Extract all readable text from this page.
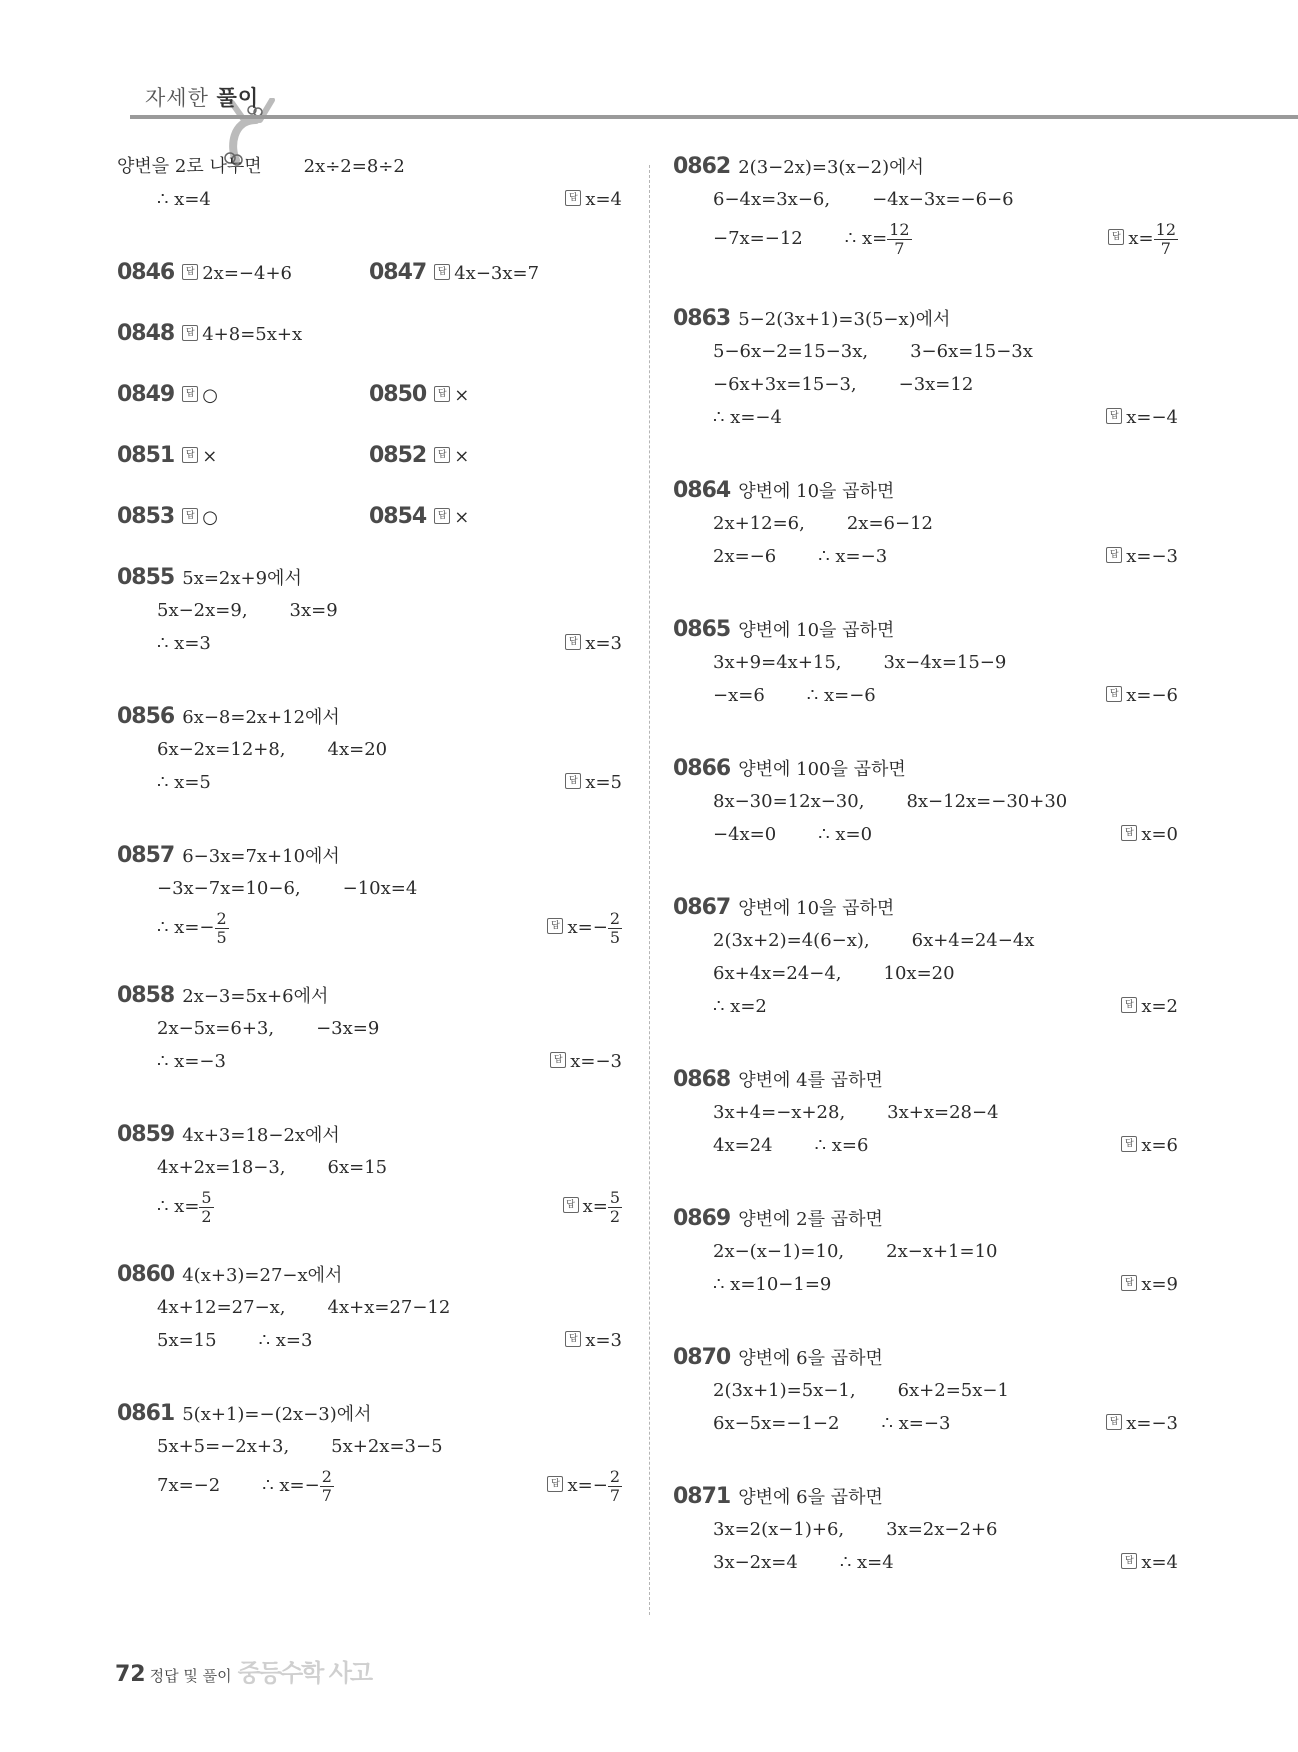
자세한 풀이
양변을 2로 나누면 2x÷2=8÷2
∴ x=4	답 x=4
0846 답 2x=−4+6	0847 답 4x−3x=7
0848 답 4+8=5x+x
0849 답 ○	0850 답 ×
0851 답 ×	0852 답 ×
0853 답 ○	0854 답 ×
0855 5x=2x+9에서
5x−2x=9, 3x=9
∴ x=3	답 x=3
0856 6x−8=2x+12에서
6x−2x=12+8, 4x=20
∴ x=5	답 x=5
0857 6−3x=7x+10에서
−3x−7x=10−6, −10x=4
∴ $x=- \frac{2}{5}$	답 $x=- \frac{2}{5}$
0858 2x−3=5x+6에서
2x−5x=6+3, −3x=9
∴ x=−3	답 x=−3
0859 4x+3=18−2x에서
4x+2x=18−3, 6x=15
∴ $x= \frac{5}{2}$	답 $x= \frac{5}{2}$
0860 4(x+3)=27−x에서
4x+12=27−x, 4x+x=27−12
5x=15 ∴ x=3	답 x=3
0861 5(x+1)=−(2x−3)에서
5x+5=−2x+3, 5x+2x=3−5
7x=−2 ∴ $x=- \frac{2}{7}$	답 $x=- \frac{2}{7}$
0862 2(3−2x)=3(x−2)에서
6−4x=3x−6, −4x−3x=−6−6
−7x=−12 ∴ $x= \frac{12}{7}$	답 $x= \frac{12}{7}$
0863 5−2(3x+1)=3(5−x)에서
5−6x−2=15−3x, 3−6x=15−3x
−6x+3x=15−3, −3x=12
∴ x=−4	답 x=−4
0864 양변에 10을 곱하면
2x+12=6, 2x=6−12
2x=−6 ∴ x=−3	답 x=−3
0865 양변에 10을 곱하면
3x+9=4x+15, 3x−4x=15−9
−x=6 ∴ x=−6	답 x=−6
0866 양변에 100을 곱하면
8x−30=12x−30, 8x−12x=−30+30
−4x=0 ∴ x=0	답 x=0
0867 양변에 10을 곱하면
2(3x+2)=4(6−x), 6x+4=24−4x
6x+4x=24−4, 10x=20
∴ x=2	답 x=2
0868 양변에 4를 곱하면
3x+4=−x+28, 3x+x=28−4
4x=24 ∴ x=6	답 x=6
0869 양변에 2를 곱하면
2x−(x−1)=10, 2x−x+1=10
∴ x=10−1=9	답 x=9
0870 양변에 6을 곱하면
2(3x+1)=5x−1, 6x+2=5x−1
6x−5x=−1−2 ∴ x=−3	답 x=−3
0871 양변에 6을 곱하면
3x=2(x−1)+6, 3x=2x−2+6
3x−2x=4 ∴ x=4	답 x=4
72 정답 및 풀이 중등수학 사고
